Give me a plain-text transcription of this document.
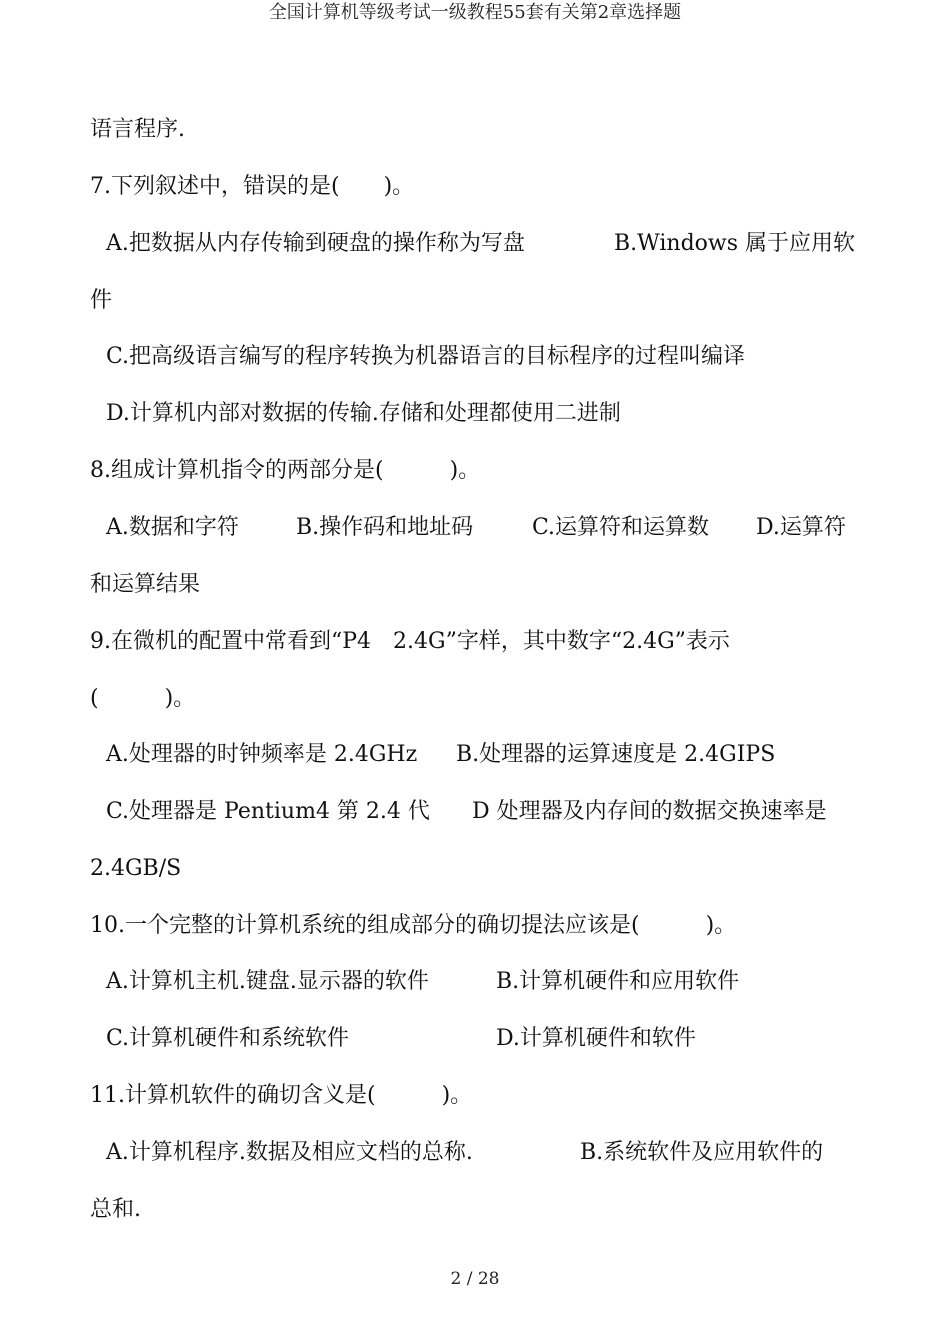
全国计算机等级考试一级教程55套有关第2章选择题
语言程序.
7.下列叙述中，错误的是(　　)。
A.把数据从内存传输到硬盘的操作称为写盘	B.Windows 属于应用软
件
C.把高级语言编写的程序转换为机器语言的目标程序的过程叫编译
D.计算机内部对数据的传输.存储和处理都使用二进制
8.组成计算机指令的两部分是(　　　)。
A.数据和字符	B.操作码和地址码	C.运算符和运算数 D.运算符
和运算结果
9.在微机的配置中常看到“P4　2.4G”字样，其中数字“2.4G”表示
(　　　)。
A.处理器的时钟频率是 2.4GHz B.处理器的运算速度是 2.4GIPS
C.处理器是 Pentium4 第 2.4 代 D 处理器及内存间的数据交换速率是
2.4GB/S
10.一个完整的计算机系统的组成部分的确切提法应该是(　　　)。
A.计算机主机.键盘.显示器的软件	B.计算机硬件和应用软件
C.计算机硬件和系统软件	D.计算机硬件和软件
11.计算机软件的确切含义是(　　　)。
A.计算机程序.数据及相应文档的总称.	B.系统软件及应用软件的
总和.
2 / 28
